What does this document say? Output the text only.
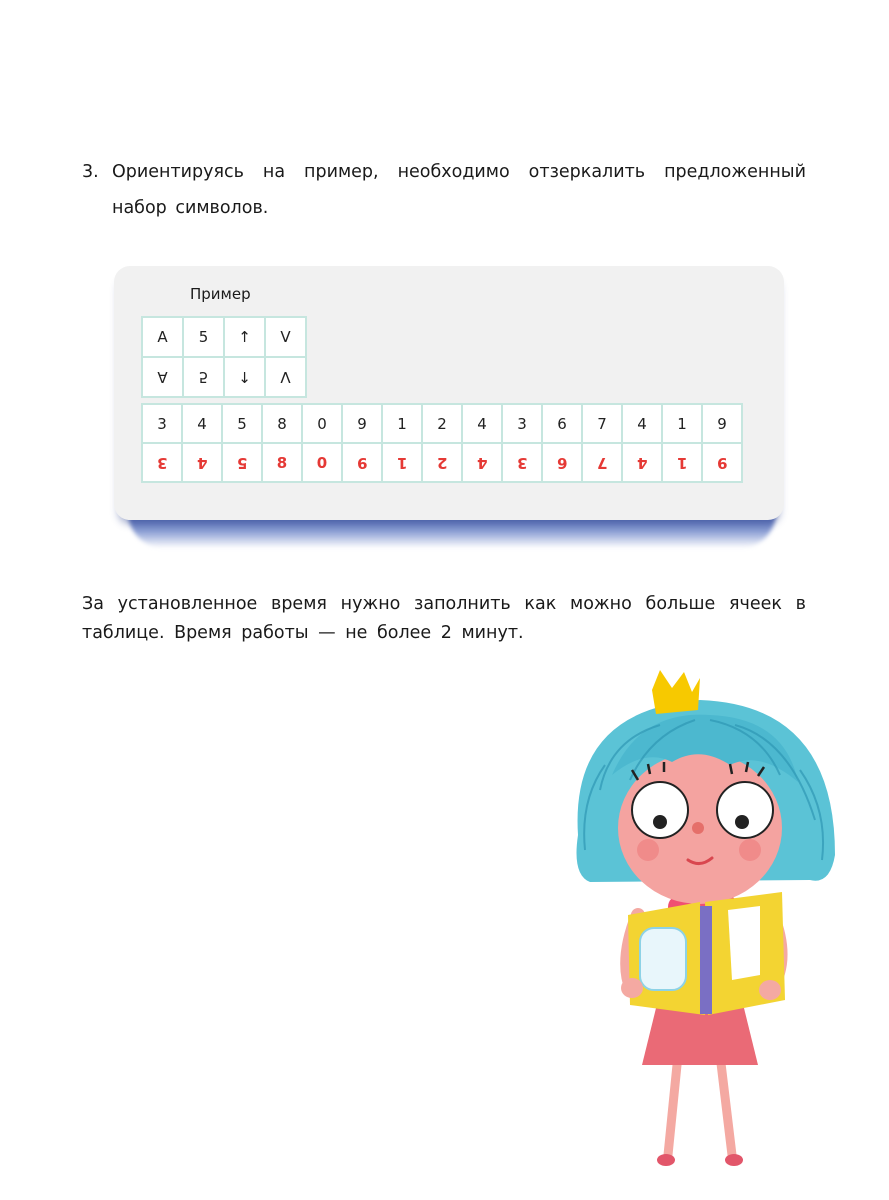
3. Ориентируясь на пример, необходимо отзеркалить предложенный набор символов.
Пример
A	5	↑	V
A	5	↑	V
3	4	5	8	0	9	1	2	4	3	6	7	4	1	9
3	4	5	8	0	9	1	2	4	3	6	7	4	1	9
За установленное время нужно заполнить как можно больше ячеек в таблице. Время работы — не более 2 минут.
